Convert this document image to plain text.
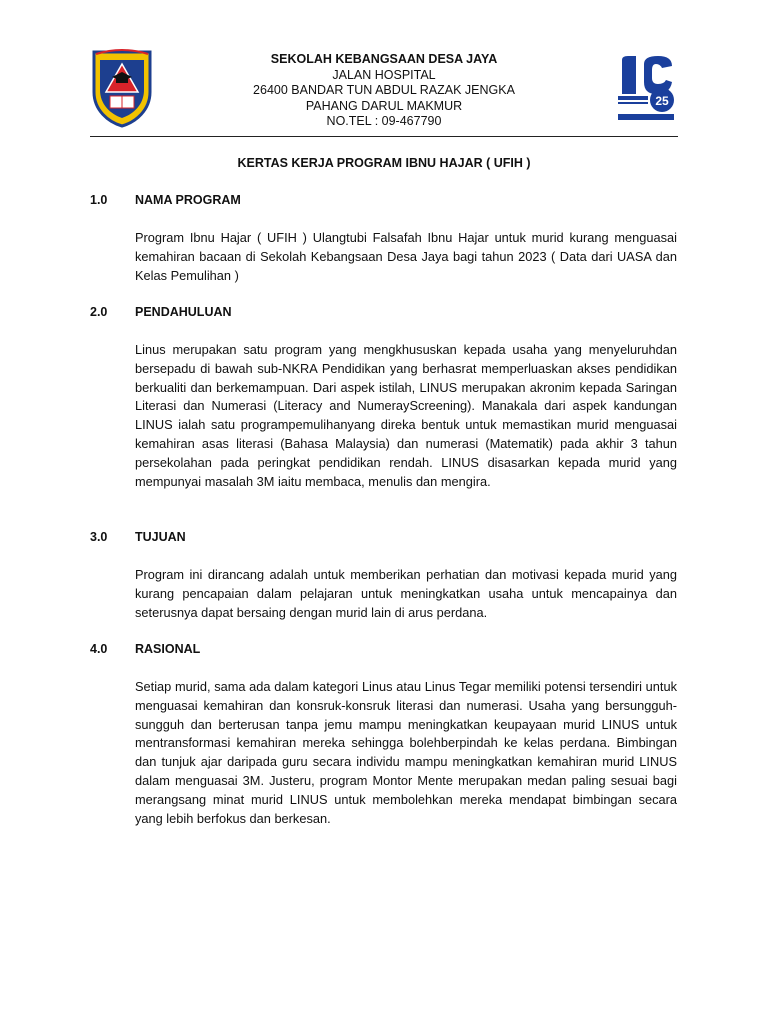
SEKOLAH KEBANGSAAN DESA JAYA
JALAN HOSPITAL
26400 BANDAR TUN ABDUL RAZAK JENGKA
PAHANG DARUL MAKMUR
NO.TEL : 09-467790
25
KERTAS KERJA PROGRAM IBNU HAJAR ( UFIH )
1.0 NAMA PROGRAM
Program Ibnu Hajar ( UFIH ) Ulangtubi Falsafah Ibnu Hajar untuk murid kurang menguasai kemahiran bacaan di Sekolah Kebangsaan Desa Jaya bagi tahun 2023 ( Data dari UASA dan Kelas Pemulihan )
2.0 PENDAHULUAN
Linus merupakan satu program yang mengkhususkan kepada usaha yang menyeluruhdan bersepadu di bawah sub-NKRA Pendidikan yang berhasrat memperluaskan akses pendidikan berkualiti dan berkemampuan. Dari aspek istilah, LINUS merupakan akronim kepada Saringan Literasi dan Numerasi (Literacy and NumerayScreening). Manakala dari aspek kandungan LINUS ialah satu programpemulihanyang direka bentuk untuk memastikan murid menguasai kemahiran asas literasi (Bahasa Malaysia) dan numerasi (Matematik) pada akhir 3 tahun persekolahan pada peringkat pendidikan rendah. LINUS disasarkan kepada murid yang mempunyai masalah 3M iaitu membaca, menulis dan mengira.
3.0 TUJUAN
Program ini dirancang adalah untuk memberikan perhatian dan motivasi kepada murid yang kurang pencapaian dalam pelajaran untuk meningkatkan usaha untuk mencapainya dan seterusnya dapat bersaing dengan murid lain di arus perdana.
4.0 RASIONAL
Setiap murid, sama ada dalam kategori Linus atau Linus Tegar memiliki potensi tersendiri untuk menguasai kemahiran dan konsruk-konsruk literasi dan numerasi. Usaha yang bersungguh-sungguh dan berterusan tanpa jemu mampu meningkatkan keupayaan murid LINUS untuk mentransformasi kemahiran mereka sehingga bolehberpindah ke kelas perdana. Bimbingan dan tunjuk ajar daripada guru secara individu mampu meningkatkan kemahiran murid LINUS dalam menguasai 3M. Justeru, program Montor Mente merupakan medan paling sesuai bagi merangsang minat murid LINUS untuk membolehkan mereka mendapat bimbingan secara yang lebih berfokus dan berkesan.
